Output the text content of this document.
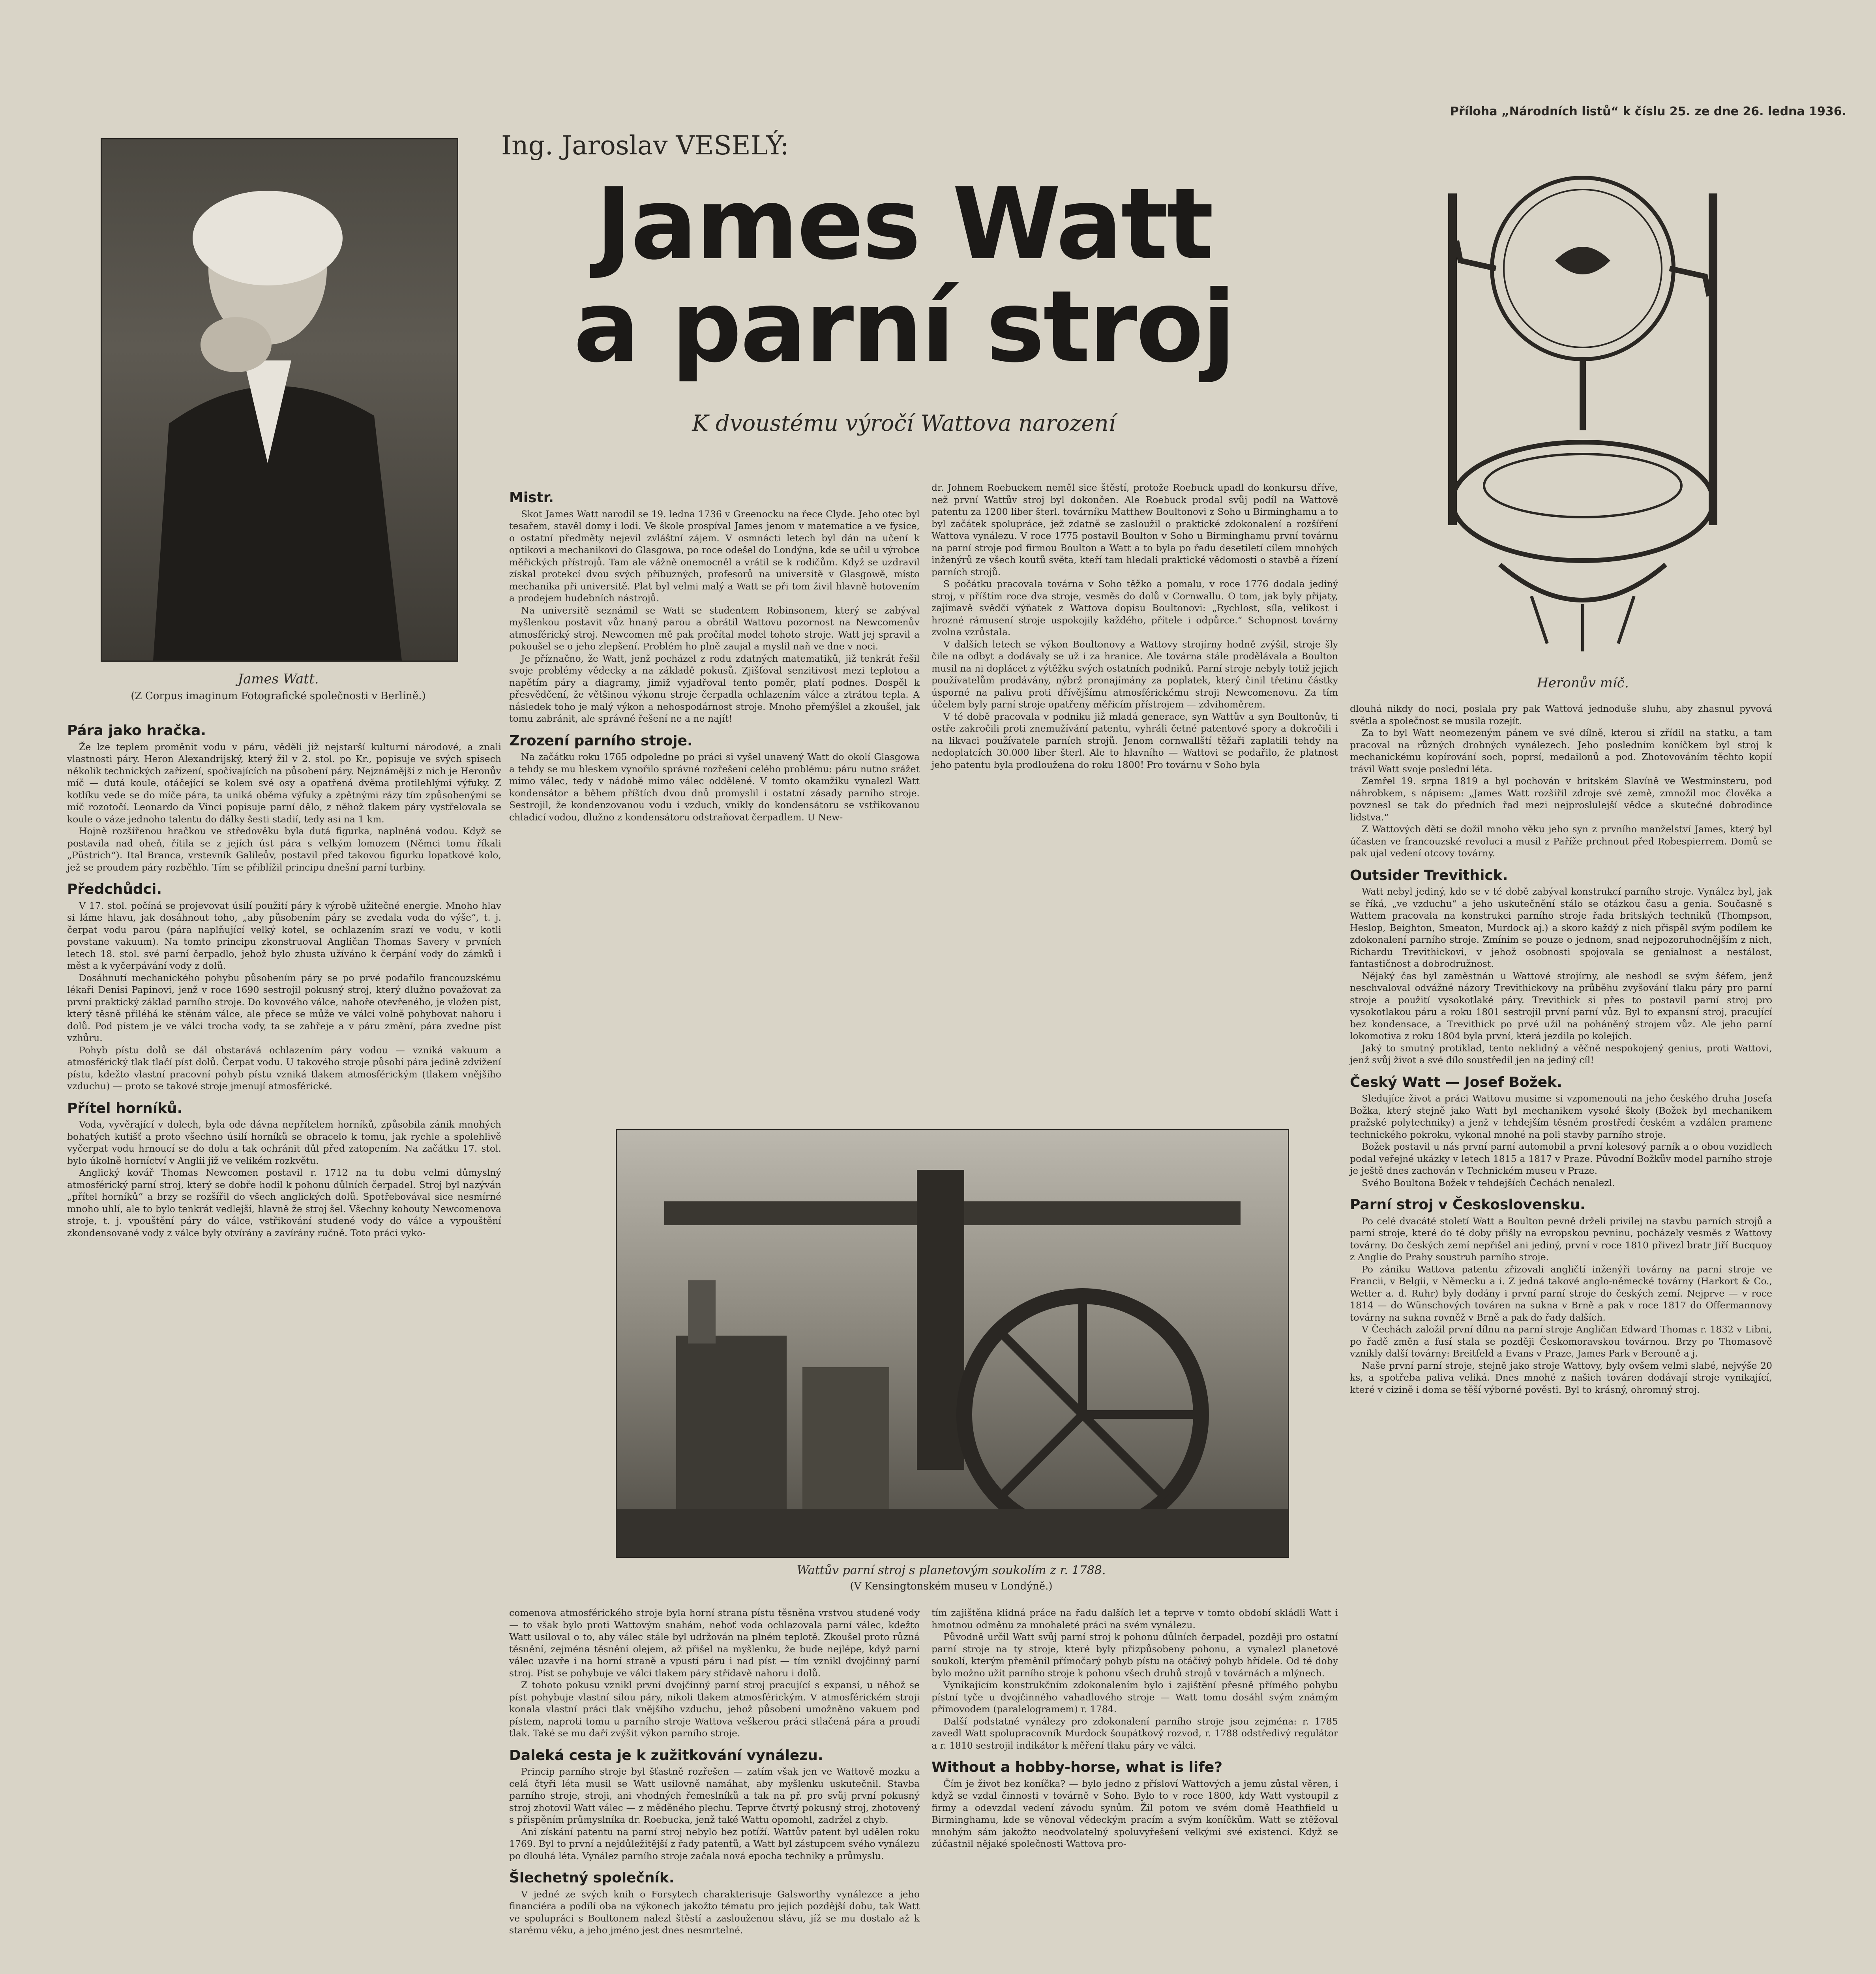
Příloha „Národních listů“ k číslu 25. ze dne 26. ledna 1936.
Ing. Jaroslav VESELÝ:
James Watt
a parní stroj
K dvoustému výročí Wattova narození
James Watt.
(Z Corpus imaginum Fotografické společnosti v Berlíně.)
Heronův míč.
Wattův parní stroj s planetovým soukolím z r. 1788.
(V Kensingtonském museu v Londýně.)
Pára jako hračka.

Že lze teplem proměnit vodu v páru, věděli již nejstarší kulturní národové, a znali vlastnosti páry. Heron Alexandrijský, který žil v 2. stol. po Kr., popisuje ve svých spisech několik technických zařízení, spočívajících na působení páry. Nejznámější z nich je Heronův míč — dutá koule, otáčející se kolem své osy a opatřená dvěma protilehlými výfuky. Z kotlíku vede se do míče pára, ta uniká oběma výfuky a zpětnými rázy tím způsobenými se míč rozotočí. Leonardo da Vinci popisuje parní dělo, z něhož tlakem páry vystřelovala se koule o váze jednoho talentu do dálky šesti stadií, tedy asi na 1 km.

Hojně rozšířenou hračkou ve středověku byla dutá figurka, naplněná vodou. Když se postavila nad oheň, řítila se z jejích úst pára s velkým lomozem (Němci tomu říkali „Püstrich“). Ital Branca, vrstevník Galileův, postavil před takovou figurku lopatkové kolo, jež se proudem páry rozběhlo. Tím se přiblížil principu dnešní parní turbiny.

Předchůdci.

V 17. stol. počíná se projevovat úsilí použití páry k výrobě užitečné energie. Mnoho hlav si láme hlavu, jak dosáhnout toho, „aby působením páry se zvedala voda do výše“, t. j. čerpat vodu parou (pára naplňující velký kotel, se ochlazením srazí ve vodu, v kotli povstane vakuum). Na tomto principu zkonstruoval Angličan Thomas Savery v prvních letech 18. stol. své parní čerpadlo, jehož bylo zhusta užíváno k čerpání vody do zámků i měst a k vyčerpávání vody z dolů.

Dosáhnutí mechanického pohybu působením páry se po prvé podařilo francouzskému lékaři Denisi Papinovi, jenž v roce 1690 sestrojil pokusný stroj, který dlužno považovat za první praktický základ parního stroje. Do kovového válce, nahoře otevřeného, je vložen píst, který těsně přiléhá ke stěnám válce, ale přece se může ve válci volně pohybovat nahoru i dolů. Pod pístem je ve válci trocha vody, ta se zahřeje a v páru změní, pára zvedne píst vzhůru.

Pohyb pístu dolů se dál obstarává ochlazením páry vodou — vzniká vakuum a atmosférický tlak tlačí píst dolů. Čerpat vodu. U takového stroje působí pára jedině zdvižení pístu, kdežto vlastní pracovní pohyb pístu vzniká tlakem atmosférickým (tlakem vnějšího vzduchu) — proto se takové stroje jmenují atmosférické.

Přítel horníků.

Voda, vyvěrající v dolech, byla ode dávna nepřítelem horníků, způsobila zánik mnohých bohatých kutišť a proto všechno úsilí horníků se obracelo k tomu, jak rychle a spolehlivě vyčerpat vodu hrnoucí se do dolu a tak ochránit důl před zatopením. Na začátku 17. stol. bylo úkolně horníctví v Anglii již ve velikém rozkvětu.

Anglický kovář Thomas Newcomen postavil r. 1712 na tu dobu velmi důmyslný atmosférický parní stroj, který se dobře hodil k pohonu důlních čerpadel. Stroj byl nazýván „přítel horníků“ a brzy se rozšířil do všech anglických dolů. Spotřebovával sice nesmírné mnoho uhlí, ale to bylo tenkrát vedlejší, hlavně že stroj šel. Všechny kohouty Newcomenova stroje, t. j. vpouštění páry do válce, vstřikování studené vody do válce a vypouštění zkondensované vody z válce byly otvírány a zavírány ručně. Toto práci vyko-

Mistr.

Skot James Watt narodil se 19. ledna 1736 v Greenocku na řece Clyde. Jeho otec byl tesařem, stavěl domy i lodi. Ve škole prospíval James jenom v matematice a ve fysice, o ostatní předměty nejevil zvláštní zájem. V osmnácti letech byl dán na učení k optikovi a mechanikovi do Glasgowa, po roce odešel do Londýna, kde se učil u výrobce měřických přístrojů. Tam ale vážně onemocněl a vrátil se k rodičům. Když se uzdravil získal protekcí dvou svých příbuzných, profesorů na universitě v Glasgowě, místo mechanika při universitě. Plat byl velmi malý a Watt se při tom živil hlavně hotovením a prodejem hudebních nástrojů.

Na universitě seznámil se Watt se studentem Robinsonem, který se zabýval myšlenkou postavit vůz hnaný parou a obrátil Wattovu pozornost na Newcomenův atmosférický stroj. Newcomen mě pak pročítal model tohoto stroje. Watt jej spravil a pokoušel se o jeho zlepšení. Problém ho plně zaujal a myslil naň ve dne v noci.

Je příznačno, že Watt, jenž pocházel z rodu zdatných matematiků, již tenkrát řešil svoje problémy vědecky a na základě pokusů. Zjišťoval senzitivost mezi teplotou a napětím páry a diagramy, jimiž vyjadřoval tento poměr, platí podnes. Dospěl k přesvědčení, že většinou výkonu stroje čerpadla ochlazením válce a ztrátou tepla. A následek toho je malý výkon a nehospodárnost stroje. Mnoho přemýšlel a zkoušel, jak tomu zabránit, ale správné řešení ne a ne najít!

Zrození parního stroje.

Na začátku roku 1765 odpoledne po práci si vyšel unavený Watt do okolí Glasgowa a tehdy se mu bleskem vynořilo správné rozřešení celého problému: páru nutno srážet mimo válec, tedy v nádobě mimo válec oddělené. V tomto okamžiku vynalezl Watt kondensátor a během příštích dvou dnů promyslil i ostatní zásady parního stroje. Sestrojil, že kondenzovanou vodu i vzduch, vnikly do kondensátoru se vstřikovanou chladicí vodou, dlužno z kondensátoru odstraňovat čerpadlem. U New-

dr. Johnem Roebuckem neměl sice štěstí, protože Roebuck upadl do konkursu dříve, než první Wattův stroj byl dokončen. Ale Roebuck prodal svůj podíl na Wattově patentu za 1200 liber šterl. továrníku Matthew Boultonovi z Soho u Birminghamu a to byl začátek spolupráce, jež zdatně se zasloužil o praktické zdokonalení a rozšíření Wattova vynálezu. V roce 1775 postavil Boulton v Soho u Birminghamu první továrnu na parní stroje pod firmou Boulton a Watt a to byla po řadu desetiletí cílem mnohých inženýrů ze všech koutů světa, kteří tam hledali praktické vědomosti o stavbě a řízení parních strojů.

S počátku pracovala továrna v Soho těžko a pomalu, v roce 1776 dodala jediný stroj, v příštím roce dva stroje, vesměs do dolů v Cornwallu. O tom, jak byly přijaty, zajímavě svědčí výňatek z Wattova dopisu Boultonovi: „Rychlost, síla, velikost i hrozné rámusení stroje uspokojily každého, přítele i odpůrce.“ Schopnost továrny zvolna vzrůstala.

V dalších letech se výkon Boultonovy a Wattovy strojírny hodně zvýšil, stroje šly čile na odbyt a dodávaly se už i za hranice. Ale továrna stále prodělávala a Boulton musil na ni doplácet z výtěžku svých ostatních podniků. Parní stroje nebyly totiž jejich používatelům prodávány, nýbrž pronajímány za poplatek, který činil třetinu částky úsporné na palivu proti dřívějšímu atmosférickému stroji Newcomenovu. Za tím účelem byly parní stroje opatřeny měřicím přístrojem — zdvihoměrem.

V té době pracovala v podniku již mladá generace, syn Wattův a syn Boultonův, ti ostře zakročili proti znemužívání patentu, vyhráli četné patentové spory a dokročili i na likvaci používatele parních strojů. Jenom cornwallští těžaři zaplatili tehdy na nedoplatcích 30.000 liber šterl. Ale to hlavního — Wattovi se podařilo, že platnost jeho patentu byla prodloužena do roku 1800! Pro továrnu v Soho byla

comenova atmosférického stroje byla horní strana pístu těsněna vrstvou studené vody — to však bylo proti Wattovým snahám, neboť voda ochlazovala parní válec, kdežto Watt usiloval o to, aby válec stále byl udržován na plném teplotě. Zkoušel proto různá těsnění, zejména těsnění olejem, až přišel na myšlenku, že bude nejlépe, když parní válec uzavře i na horní straně a vpustí páru i nad píst — tím vznikl dvojčinný parní stroj. Píst se pohybuje ve válci tlakem páry střídavě nahoru i dolů.

Z tohoto pokusu vznikl první dvojčinný parní stroj pracující s expansí, u něhož se píst pohybuje vlastní silou páry, nikoli tlakem atmosférickým. V atmosférickém stroji konala vlastní práci tlak vnějšího vzduchu, jehož působení umožněno vakuem pod pístem, naproti tomu u parního stroje Wattova veškerou práci stlačená pára a proudí tlak. Také se mu daří zvýšit výkon parního stroje.

Daleká cesta je k zužitkování vynálezu.

Princip parního stroje byl šťastně rozřešen — zatím však jen ve Wattově mozku a celá čtyři léta musil se Watt usilovně namáhat, aby myšlenku uskutečnil. Stavba parního stroje, stroji, ani vhodných řemeslníků a tak na př. pro svůj první pokusný stroj zhotovil Watt válec — z měděného plechu. Teprve čtvrtý pokusný stroj, zhotovený s přispěním průmyslníka dr. Roebucka, jenž také Wattu opomohl, zadržel z chyb.

Ani získání patentu na parní stroj nebylo bez potíží. Wattův patent byl udělen roku 1769. Byl to první a nejdůležitější z řady patentů, a Watt byl zástupcem svého vynálezu po dlouhá léta. Vynález parního stroje začala nová epocha techniky a průmyslu.

Šlechetný společník.

V jedné ze svých knih o Forsytech charakterisuje Galsworthy vynálezce a jeho financiéra a podílí oba na výkonech jakožto tématu pro jejich pozdější dobu, tak Watt ve spolupráci s Boultonem nalezl štěstí a zaslouženou slávu, jíž se mu dostalo až k starému věku, a jeho jméno jest dnes nesmrtelné.

tím zajištěna klidná práce na řadu dalších let a teprve v tomto období skládli Watt i hmotnou odměnu za mnohaleté práci na svém vynálezu.

Původně určil Watt svůj parní stroj k pohonu důlních čerpadel, později pro ostatní parní stroje na ty stroje, které byly přizpůsobeny pohonu, a vynalezl planetové soukolí, kterým přeměnil přímočarý pohyb pístu na otáčivý pohyb hřídele. Od té doby bylo možno užít parního stroje k pohonu všech druhů strojů v továrnách a mlýnech.

Vynikajícím konstrukčním zdokonalením bylo i zajištění přesně přímého pohybu pístní tyče u dvojčinného vahadlového stroje — Watt tomu dosáhl svým známým přímovodem (paralelogramem) r. 1784.

Další podstatné vynálezy pro zdokonalení parního stroje jsou zejména: r. 1785 zavedl Watt spolupracovník Murdock šoupátkový rozvod, r. 1788 odstředivý regulátor a r. 1810 sestrojil indikátor k měření tlaku páry ve válci.

Without a hobby-horse, what is life?

Čím je život bez koníčka? — bylo jedno z přísloví Wattových a jemu zůstal věren, i když se vzdal činnosti v továrně v Soho. Bylo to v roce 1800, kdy Watt vystoupil z firmy a odevzdal vedení závodu synům. Žil potom ve svém domě Heathfield u Birminghamu, kde se věnoval vědeckým pracím a svým koníčkům. Watt se ztěžoval mnohým sám jakožto neodvolatelný spoluvyřešení velkými své existenci. Když se zúčastnil nějaké společnosti Wattova pro-

dlouhá nikdy do noci, poslala pry pak Wattová jednoduše sluhu, aby zhasnul pyvová světla a společnost se musila rozejít.

Za to byl Watt neomezeným pánem ve své dílně, kterou si zřídil na statku, a tam pracoval na různých drobných vynálezech. Jeho posledním koníčkem byl stroj k mechanickému kopírování soch, poprsí, medailonů a pod. Zhotovováním těchto kopií trávil Watt svoje poslední léta.

Zemřel 19. srpna 1819 a byl pochován v britském Slavíně ve Westminsteru, pod náhrobkem, s nápisem: „James Watt rozšířil zdroje své země, zmnožil moc člověka a povznesl se tak do předních řad mezi nejproslulejší vědce a skutečné dobrodince lidstva.“

Z Wattových dětí se dožil mnoho věku jeho syn z prvního manželství James, který byl účasten ve francouzské revoluci a musil z Paříže prchnout před Robespierrem. Domů se pak ujal vedení otcovy továrny.

Outsider Trevithick.

Watt nebyl jediný, kdo se v té době zabýval konstrukcí parního stroje. Vynález byl, jak se říká, „ve vzduchu“ a jeho uskutečnění stálo se otázkou času a genia. Současně s Wattem pracovala na konstrukci parního stroje řada britských techniků (Thompson, Heslop, Beighton, Smeaton, Murdock aj.) a skoro každý z nich přispěl svým podílem ke zdokonalení parního stroje. Zmínim se pouze o jednom, snad nejpozoruhodnějším z nich, Richardu Trevithickovi, v jehož osobnosti spojovala se genialnost a nestálost, fantastičnost a dobrodružnost.

Nějaký čas byl zaměstnán u Wattové strojírny, ale neshodl se svým šéfem, jenž neschvaloval odvážné názory Trevithickovy na průběhu zvyšování tlaku páry pro parní stroje a použití vysokotlaké páry. Trevithick si přes to postavil parní stroj pro vysokotlakou páru a roku 1801 sestrojil první parní vůz. Byl to expansní stroj, pracující bez kondensace, a Trevithick po prvé užil na poháněný strojem vůz. Ale jeho parní lokomotiva z roku 1804 byla první, která jezdila po kolejích.

Jaký to smutný protiklad, tento neklidný a věčně nespokojený genius, proti Wattovi, jenž svůj život a své dílo soustředil jen na jediný cíl!

Český Watt — Josef Božek.

Sledujíce život a práci Wattovu musime si vzpomenouti na jeho českého druha Josefa Božka, který stejně jako Watt byl mechanikem vysoké školy (Božek byl mechanikem pražské polytechniky) a jenž v tehdejším těsném prostředí českém a vzdálen pramene technického pokroku, vykonal mnohé na poli stavby parního stroje.

Božek postavil u nás první parní automobil a první kolesový parník a o obou vozidlech podal veřejné ukázky v letech 1815 a 1817 v Praze. Původní Božkův model parního stroje je ještě dnes zachován v Technickém museu v Praze.

Svého Boultona Božek v tehdejších Čechách nenalezl.

Parní stroj v Československu.

Po celé dvacáté století Watt a Boulton pevně drželi privilej na stavbu parních strojů a parní stroje, které do té doby přišly na evropskou pevninu, pocházely vesměs z Wattovy továrny. Do českých zemí nepřišel ani jediný, první v roce 1810 přivezl bratr Jiří Bucquoy z Anglie do Prahy soustruh parního stroje.

Po zániku Wattova patentu zřizovali angličtí inženýři továrny na parní stroje ve Francii, v Belgii, v Německu a i. Z jedná takové anglo-německé továrny (Harkort & Co., Wetter a. d. Ruhr) byly dodány i první parní stroje do českých zemí. Nejprve — v roce 1814 — do Wünschových továren na sukna v Brně a pak v roce 1817 do Offermannovy továrny na sukna rovněž v Brně a pak do řady dalších.

V Čechách založil první dílnu na parní stroje Angličan Edward Thomas r. 1832 v Libni, po řadě změn a fusí stala se později Českomoravskou továrnou. Brzy po Thomasově vznikly další továrny: Breitfeld a Evans v Praze, James Park v Berouně a j.

Naše první parní stroje, stejně jako stroje Wattovy, byly ovšem velmi slabé, nejvýše 20 ks, a spotřeba paliva veliká. Dnes mnohé z našich továren dodávají stroje vynikající, které v cizině i doma se těší výborné pověsti. Byl to krásný, ohromný stroj.
